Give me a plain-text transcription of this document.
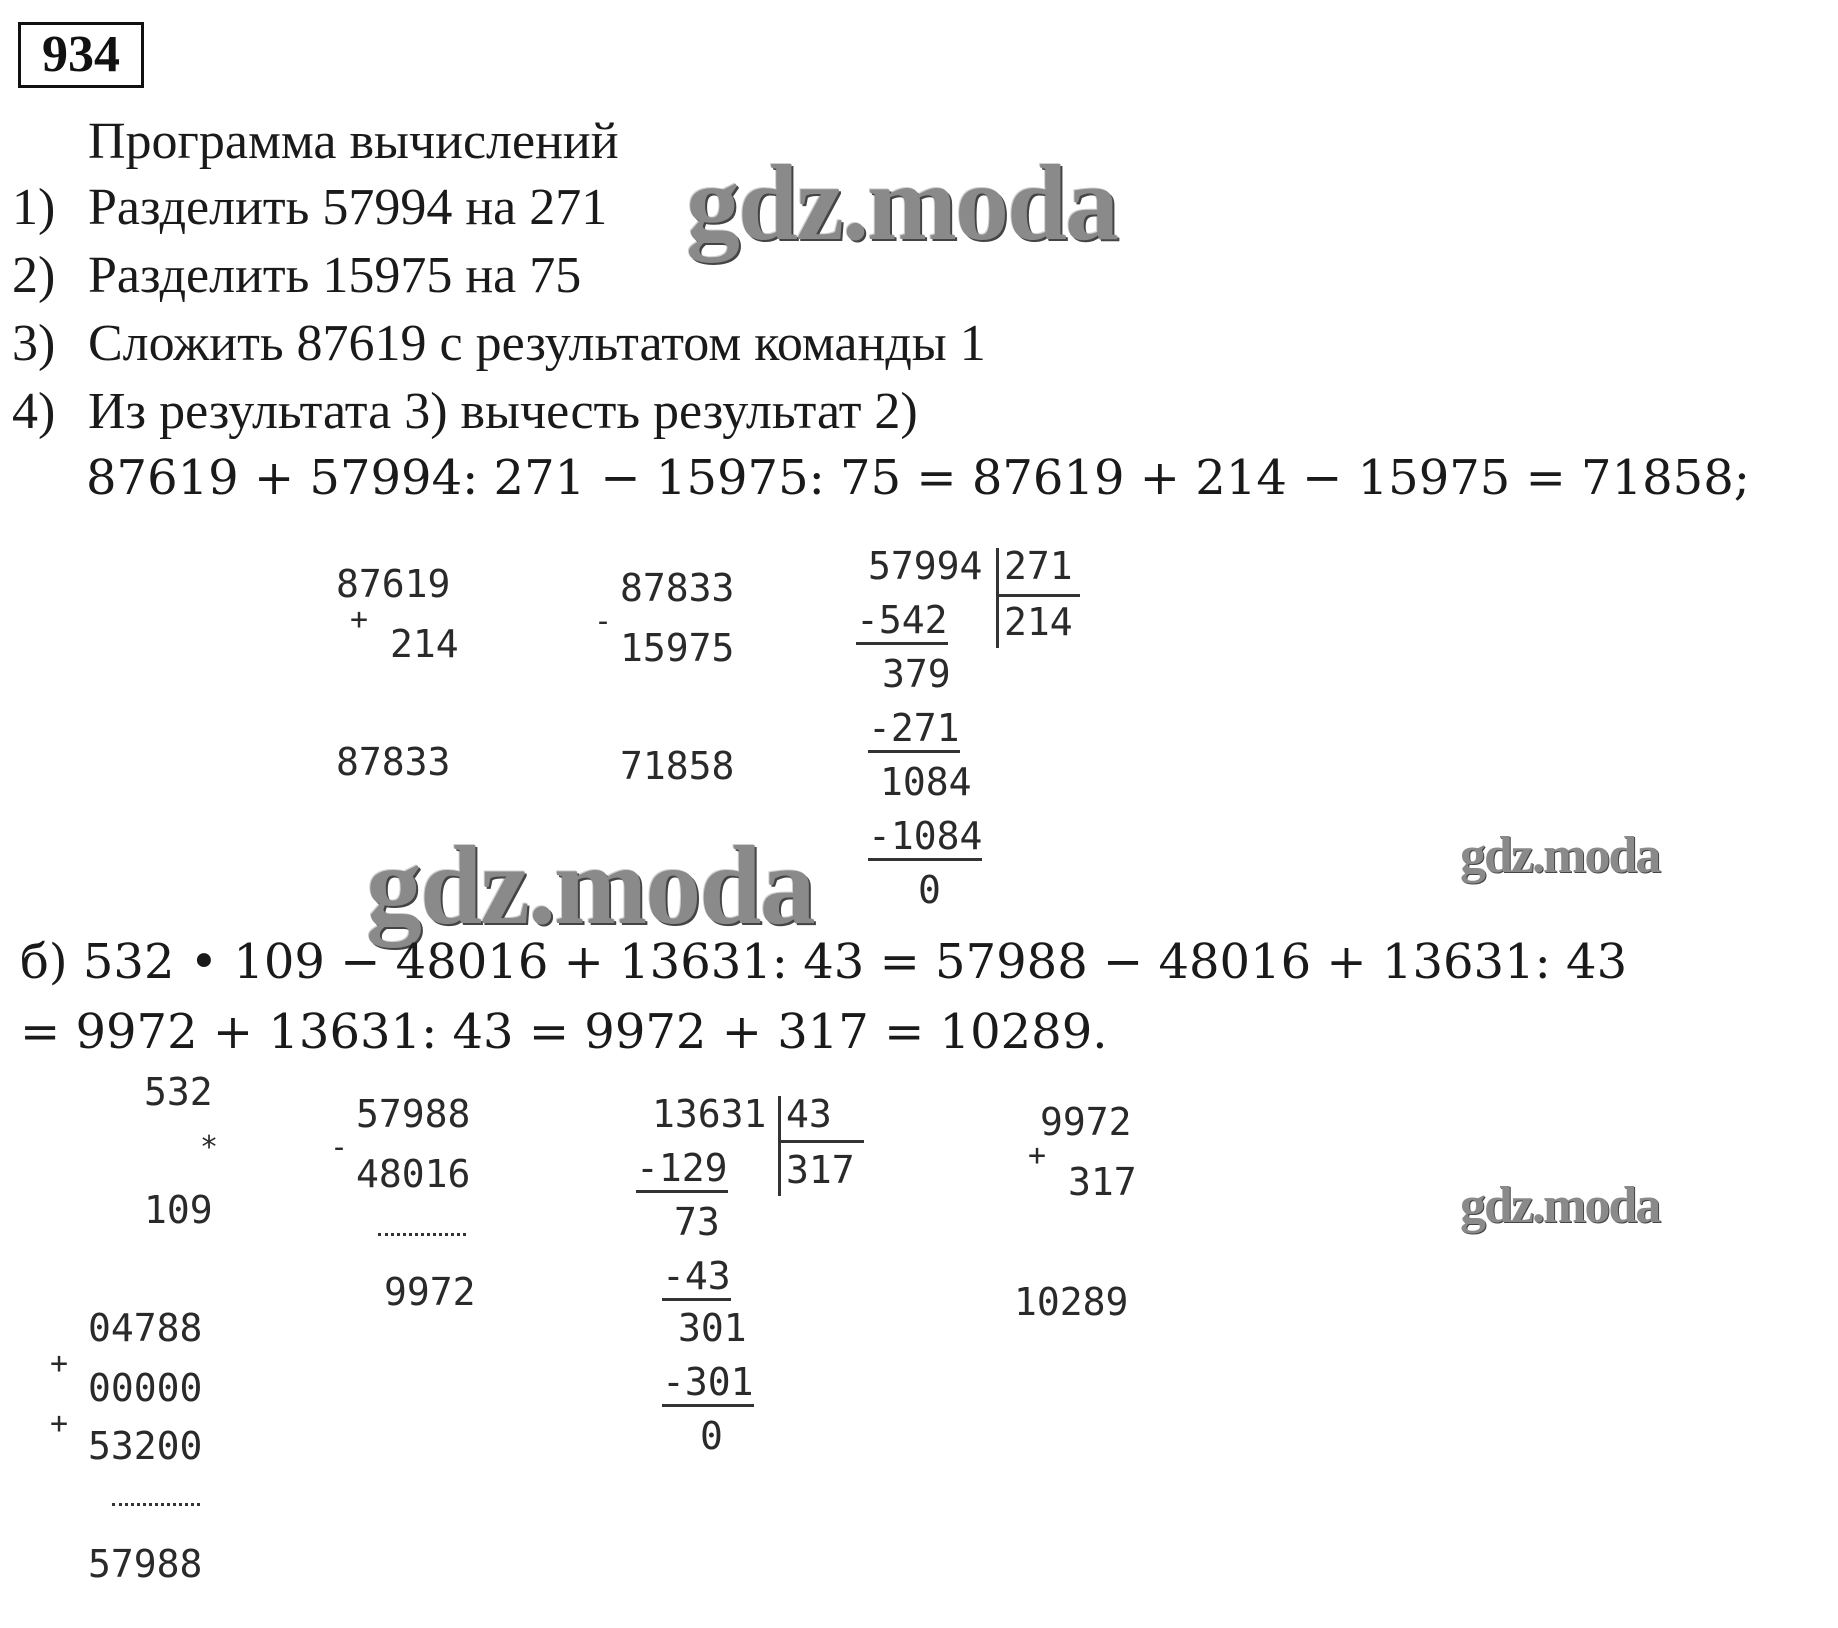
934
Программа вычислений
1) Разделить 57994 на 271
2) Разделить 15975 на 75
3) Сложить 87619 с результатом команды 1
4) Из результата 3) вычесть результат 2)
87619 + 57994: 271 − 15975: 75 = 87619 + 214 − 15975 = 71858;
87619
+
214
87833
87833
-
15975
71858
57994 271
214
-542
379
-271
1084
-1084
0
gdz.moda
gdz.moda	gdz.moda
gdz.moda
б) 532 • 109 − 48016 + 13631: 43 = 57988 − 48016 + 13631: 43
= 9972 + 13631: 43 = 9972 + 317 = 10289.
532
*
109
04788
+
00000
+
53200
57988
57988
-
48016
9972
13631 43
317
-129
73
-43
301
-301
0
9972
+
317
10289
